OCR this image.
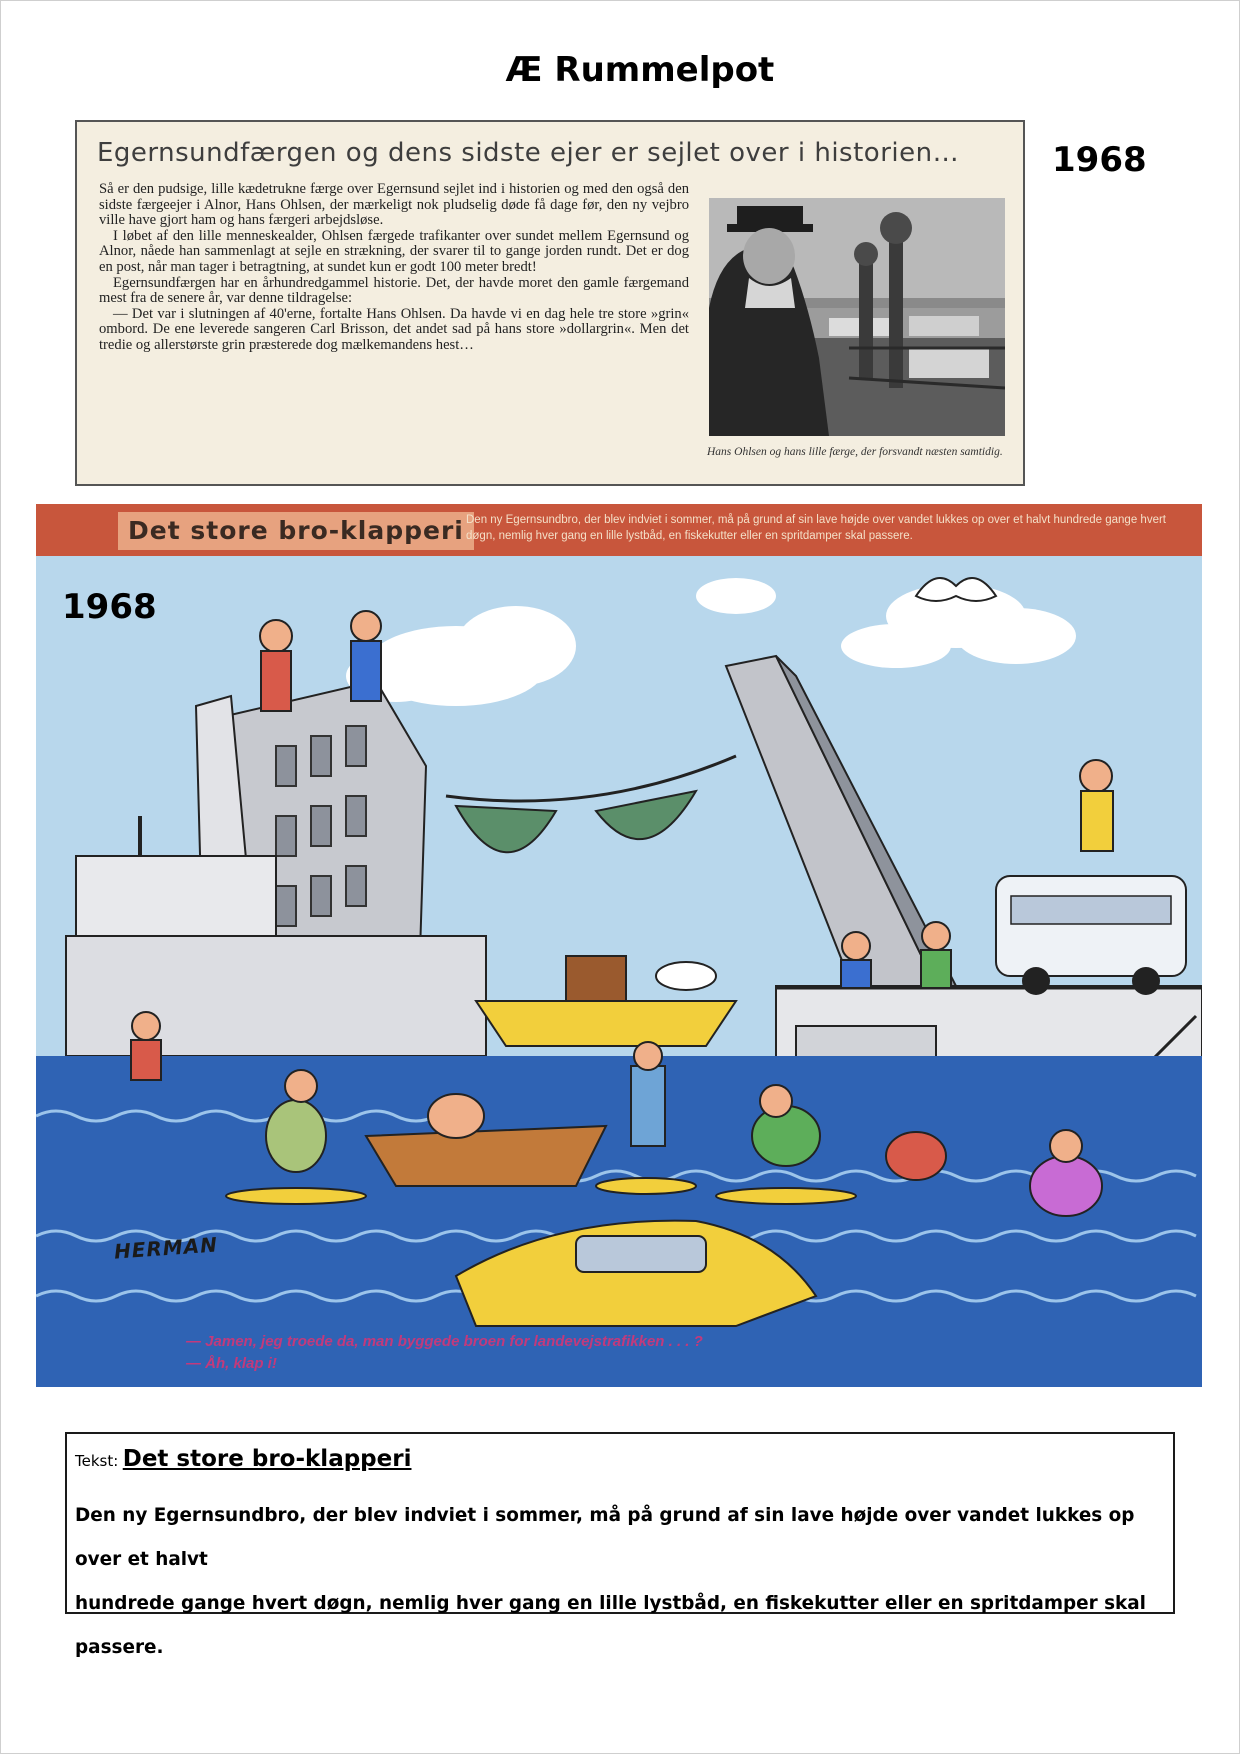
Æ Rummelpot
1968
Egernsundfærgen og dens sidste ejer er sejlet over i historien…

Så er den pudsige, lille kædetrukne færge over Egernsund sejlet ind i historien og med den også den sidste færgeejer i Alnor, Hans Ohlsen, der mærkeligt nok pludselig døde få dage før, den ny vejbro ville have gjort ham og hans færgeri arbejdsløse.

I løbet af den lille menneskealder, Ohlsen færgede trafikanter over sundet mellem Egernsund og Alnor, nåede han sammenlagt at sejle en strækning, der svarer til to gange jorden rundt. Det er dog en post, når man tager i betragtning, at sundet kun er godt 100 meter bredt!

Egernsundfærgen har en århundredgammel historie. Det, der havde moret den gamle færgemand mest fra de senere år, var denne tildragelse:

— Det var i slutningen af 40'erne, fortalte Hans Ohlsen. Da havde vi en dag hele tre store »grin« ombord. De ene leverede sangeren Carl Brisson, det andet sad på hans store »dollargrin«. Men det tredie og allerstørste grin præsterede dog mælkemandens hest…

Hans Ohlsen og hans lille færge, der forsvandt næsten samtidig.
1968
Det store bro-klapperi Den ny Egernsundbro, der blev indviet i sommer, må på grund af sin lave højde over vandet lukkes op over et halvt hundrede gange hvert døgn, nemlig hver gang en lille lystbåd, en fiskekutter eller en spritdamper skal passere.
HERMAN
— Jamen, jeg troede da, man byggede broen for landevejstrafikken . . . ?
— Åh, klap i!
Tekst: Det store bro-klapperi
Den ny Egernsundbro, der blev indviet i sommer, må på grund af sin lave højde over vandet lukkes op over et halvt
hundrede gange hvert døgn, nemlig hver gang en lille lystbåd, en fiskekutter eller en spritdamper skal passere.
